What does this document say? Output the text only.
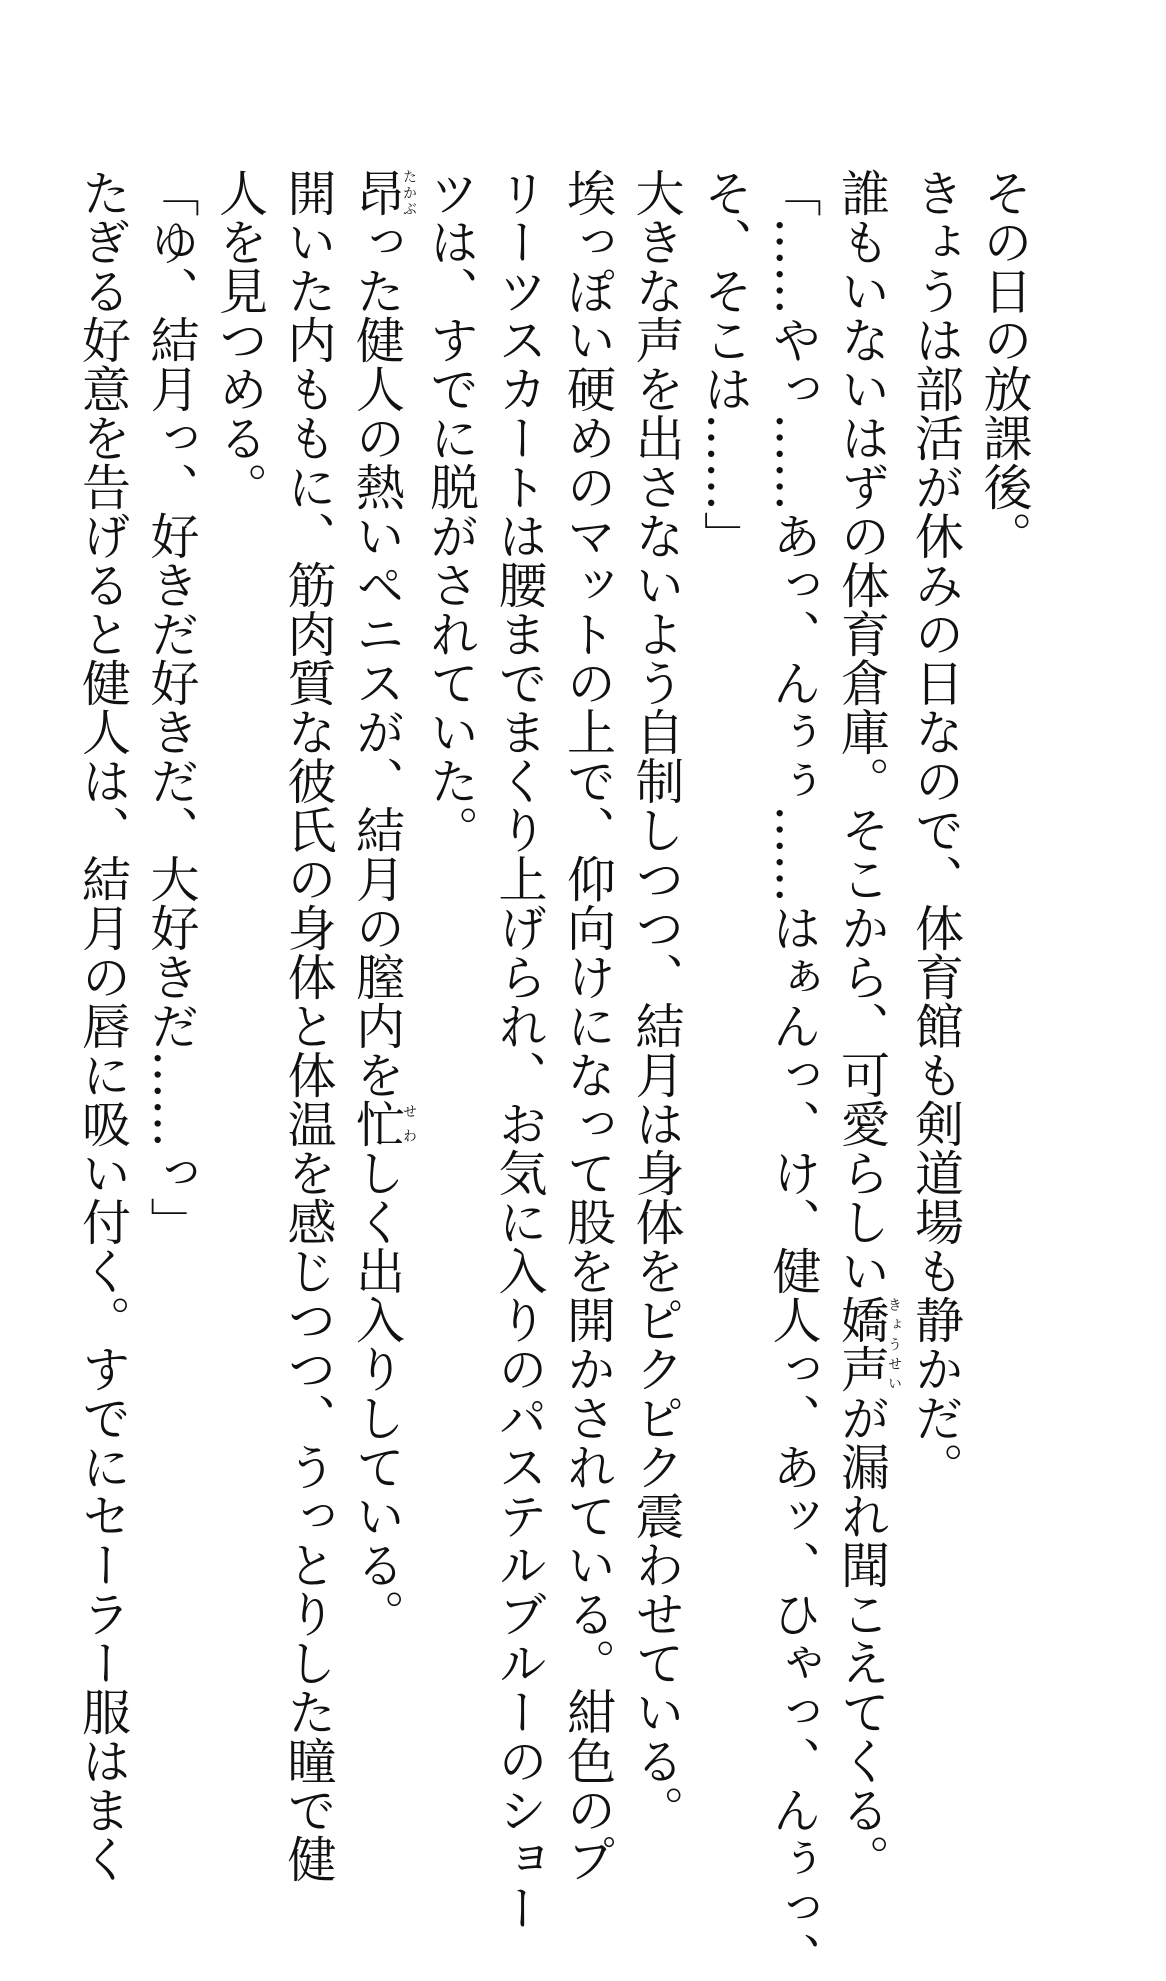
その日の放課後。
きょうは部活が休みの日なので、体育館も剣道場も静かだ。
誰もいないはずの体育倉庫。そこから、可愛らしい嬌声きょうせいが漏れ聞こえてくる。
「……やっ……あっ、んぅぅ……はぁんっ、け、健人っ、あッ、ひゃっ、んぅっ、
そ、そこは……」
大きな声を出さないよう自制しつつ、結月は身体をピクピク震わせている。
埃っぽい硬めのマットの上で、仰向けになって股を開かされている。紺色のプ
リーツスカートは腰までまくり上げられ、お気に入りのパステルブルーのショー
ツは、すでに脱がされていた。
昂たかぶった健人の熱いペニスが、結月の膣内を忙せわしく出入りしている。
開いた内ももに、筋肉質な彼氏の身体と体温を感じつつ、うっとりした瞳で健
人を見つめる。
「ゆ、結月っ、好きだ好きだ、大好きだ……っ」
たぎる好意を告げると健人は、結月の唇に吸い付く。すでにセーラー服はまく
